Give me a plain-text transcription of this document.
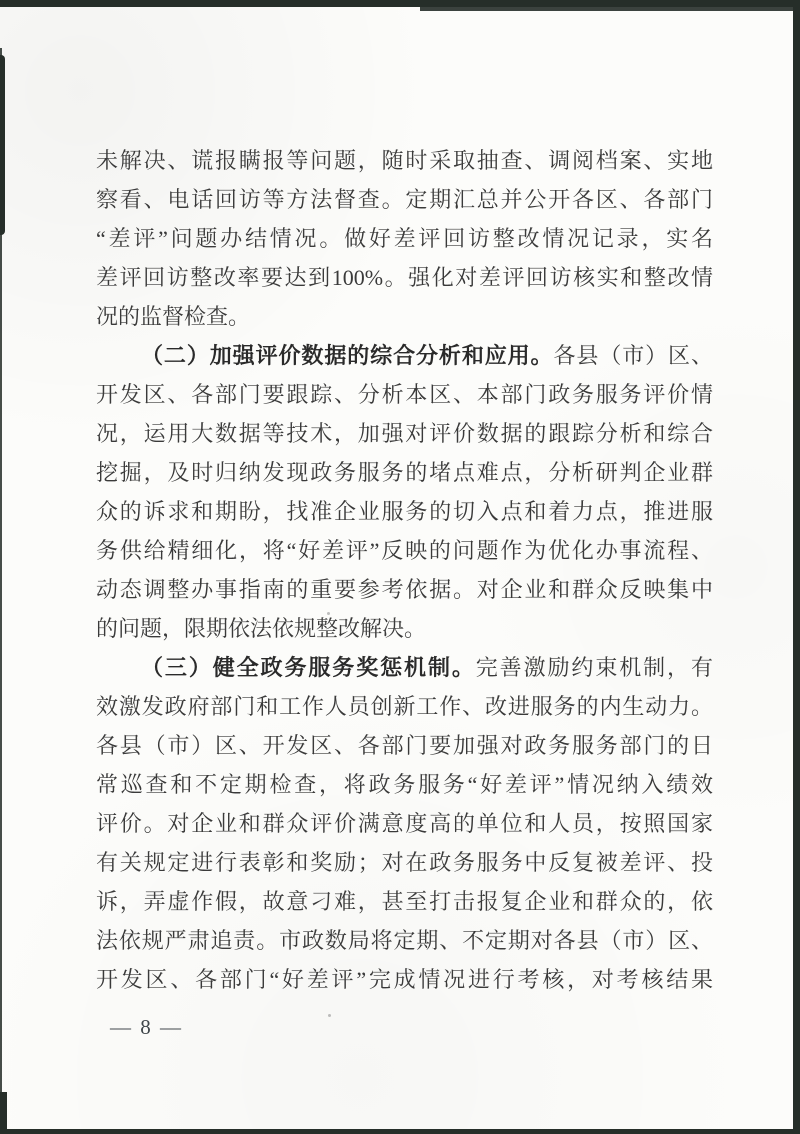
未解决、谎报瞒报等问题，随时采取抽查、调阅档案、实地
察看、电话回访等方法督查。定期汇总并公开各区、各部门
“差评”问题办结情况。做好差评回访整改情况记录，实名
差评回访整改率要达到100%。强化对差评回访核实和整改情
况的监督检查。
（二）加强评价数据的综合分析和应用。各县（市）区、
开发区、各部门要跟踪、分析本区、本部门政务服务评价情
况，运用大数据等技术，加强对评价数据的跟踪分析和综合
挖掘，及时归纳发现政务服务的堵点难点，分析研判企业群
众的诉求和期盼，找准企业服务的切入点和着力点，推进服
务供给精细化，将“好差评”反映的问题作为优化办事流程、
动态调整办事指南的重要参考依据。对企业和群众反映集中
的问题，限期依法依规整改解决。
（三）健全政务服务奖惩机制。完善激励约束机制，有
效激发政府部门和工作人员创新工作、改进服务的内生动力。
各县（市）区、开发区、各部门要加强对政务服务部门的日
常巡查和不定期检查，将政务服务“好差评”情况纳入绩效
评价。对企业和群众评价满意度高的单位和人员，按照国家
有关规定进行表彰和奖励；对在政务服务中反复被差评、投
诉，弄虚作假，故意刁难，甚至打击报复企业和群众的，依
法依规严肃追责。市政数局将定期、不定期对各县（市）区、
开发区、各部门“好差评”完成情况进行考核，对考核结果
— 8 —
